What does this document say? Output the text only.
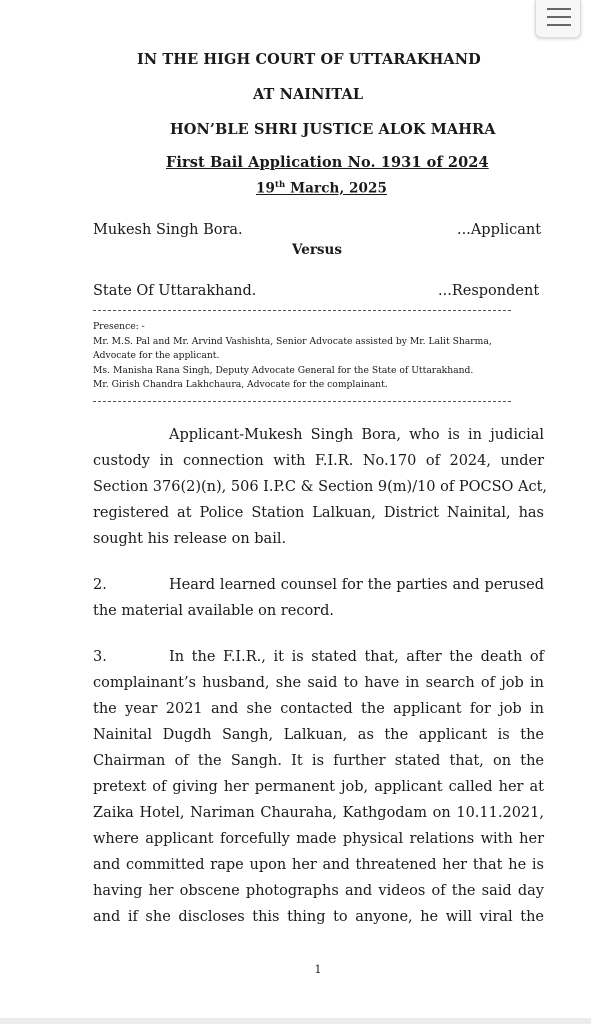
IN THE HIGH COURT OF UTTARAKHAND
AT NAINITAL
HON’BLE SHRI JUSTICE ALOK MAHRA
First Bail Application No. 1931 of 2024
19th March, 2025
Mukesh Singh Bora.	...Applicant
Versus
State Of Uttarakhand.	...Respondent
Presence: -
Mr. M.S. Pal and Mr. Arvind Vashishta, Senior Advocate assisted by Mr. Lalit Sharma,
Advocate for the applicant.
Ms. Manisha Rana Singh, Deputy Advocate General for the State of Uttarakhand.
Mr. Girish Chandra Lakhchaura, Advocate for the complainant.
Applicant-Mukesh Singh Bora, who is in judicial
custody in connection with F.I.R. No.170 of 2024, under
Section 376(2)(n), 506 I.P.C & Section 9(m)/10 of POCSO Act,
registered at Police Station Lalkuan, District Nainital, has
sought his release on bail.
2.	Heard learned counsel for the parties and perused
the material available on record.
3.	In the F.I.R., it is stated that, after the death of
complainant’s husband, she said to have in search of job in
the year 2021 and she contacted the applicant for job in
Nainital Dugdh Sangh, Lalkuan, as the applicant is the
Chairman of the Sangh. It is further stated that, on the
pretext of giving her permanent job, applicant called her at
Zaika Hotel, Nariman Chauraha, Kathgodam on 10.11.2021,
where applicant forcefully made physical relations with her
and committed rape upon her and threatened her that he is
having her obscene photographs and videos of the said day
and if she discloses this thing to anyone, he will viral the
1
